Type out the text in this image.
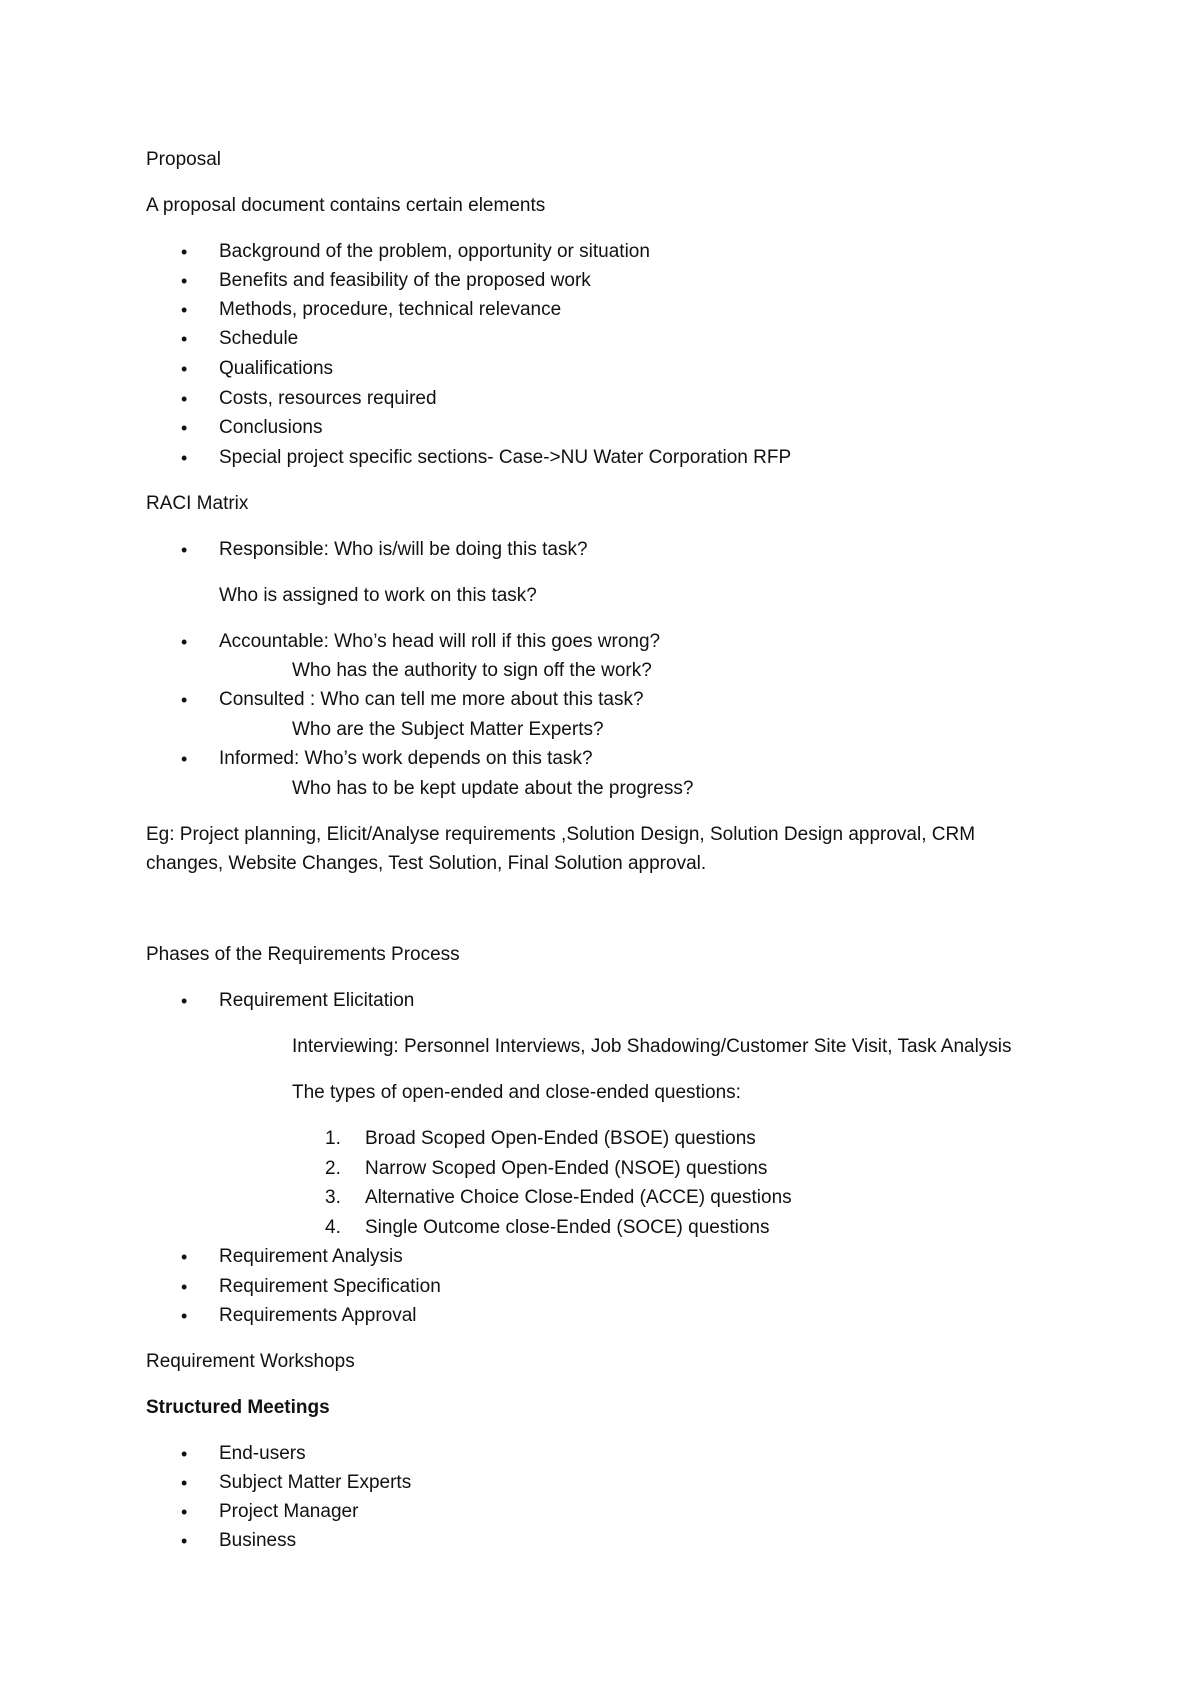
Proposal
A proposal document contains certain elements
• Background of the problem, opportunity or situation
• Benefits and feasibility of the proposed work
• Methods, procedure, technical relevance
• Schedule
• Qualifications
• Costs, resources required
• Conclusions
• Special project specific sections- Case->NU Water Corporation RFP
RACI Matrix
• Responsible: Who is/will be doing this task?
Who is assigned to work on this task?
• Accountable: Who’s head will roll if this goes wrong?
Who has the authority to sign off the work?
• Consulted : Who can tell me more about this task?
Who are the Subject Matter Experts?
• Informed: Who’s work depends on this task?
Who has to be kept update about the progress?
Eg: Project planning, Elicit/Analyse requirements ,Solution Design, Solution Design approval, CRM
changes, Website Changes, Test Solution, Final Solution approval.
Phases of the Requirements Process
• Requirement Elicitation
Interviewing: Personnel Interviews, Job Shadowing/Customer Site Visit, Task Analysis
The types of open-ended and close-ended questions:
1. Broad Scoped Open-Ended (BSOE) questions
2. Narrow Scoped Open-Ended (NSOE) questions
3. Alternative Choice Close-Ended (ACCE) questions
4. Single Outcome close-Ended (SOCE) questions
• Requirement Analysis
• Requirement Specification
• Requirements Approval
Requirement Workshops
Structured Meetings
• End-users
• Subject Matter Experts
• Project Manager
• Business
